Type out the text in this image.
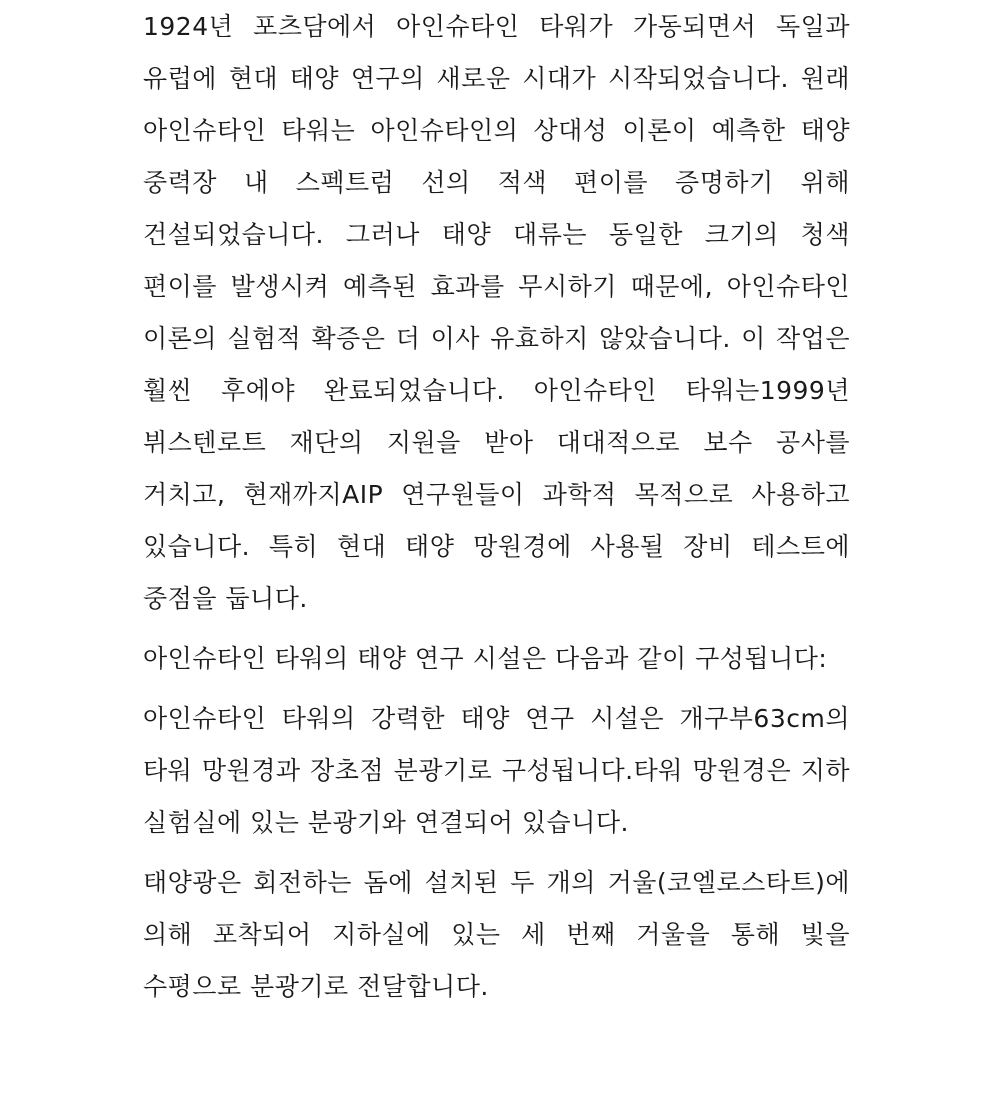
1924년 포츠담에서 아인슈타인 타워가 가동되면서 독일과 유럽에 현대 태양 연구의 새로운 시대가 시작되었습니다. 원래 아인슈타인 타워는 아인슈타인의 상대성 이론이 예측한 태양 중력장 내 스펙트럼 선의 적색 편이를 증명하기 위해 건설되었습니다. 그러나 태양 대류는 동일한 크기의 청색 편이를 발생시켜 예측된 효과를 무시하기 때문에, 아인슈타인 이론의 실험적 확증은 더 이사 유효하지 않았습니다. 이 작업은 훨씬 후에야 완료되었습니다. 아인슈타인 타워는1999년 뷔스텐로트 재단의 지원을 받아 대대적으로 보수 공사를 거치고, 현재까지AIP 연구원들이 과학적 목적으로 사용하고 있습니다. 특히 현대 태양 망원경에 사용될 장비 테스트에 중점을 둡니다.

아인슈타인 타워의 태양 연구 시설은 다음과 같이 구성됩니다:

아인슈타인 타워의 강력한 태양 연구 시설은 개구부63cm의 타워 망원경과 장초점 분광기로 구성됩니다.타워 망원경은 지하 실험실에 있는 분광기와 연결되어 있습니다.

태양광은 회전하는 돔에 설치된 두 개의 거울(코엘로스타트)에 의해 포착되어 지하실에 있는 세 번째 거울을 통해 빛을 수평으로 분광기로 전달합니다.
